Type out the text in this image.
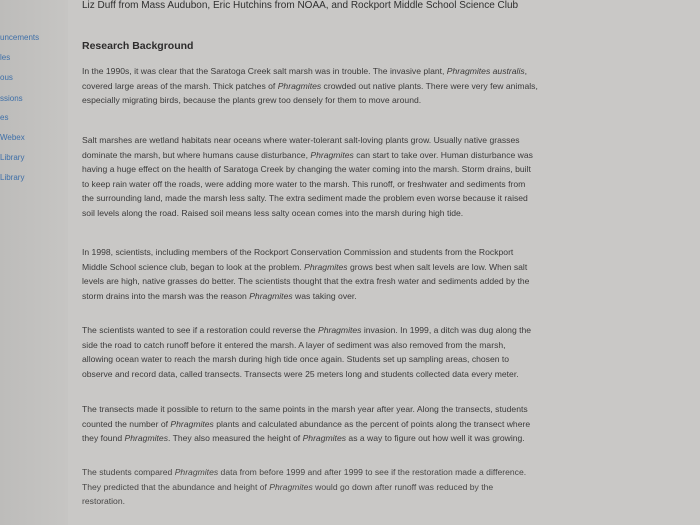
uncements
les
ous
ssions
es
Webex
Library
Library
Liz Duff from Mass Audubon, Eric Hutchins from NOAA, and Rockport Middle School Science Club
Research Background
In the 1990s, it was clear that the Saratoga Creek salt marsh was in trouble. The invasive plant, Phragmites australis, covered large areas of the marsh. Thick patches of Phragmites crowded out native plants. There were very few animals, especially migrating birds, because the plants grew too densely for them to move around.
Salt marshes are wetland habitats near oceans where water-tolerant salt-loving plants grow. Usually native grasses dominate the marsh, but where humans cause disturbance, Phragmites can start to take over. Human disturbance was having a huge effect on the health of Saratoga Creek by changing the water coming into the marsh. Storm drains, built to keep rain water off the roads, were adding more water to the marsh. This runoff, or freshwater and sediments from the surrounding land, made the marsh less salty. The extra sediment made the problem even worse because it raised soil levels along the road. Raised soil means less salty ocean comes into the marsh during high tide.
In 1998, scientists, including members of the Rockport Conservation Commission and students from the Rockport Middle School science club, began to look at the problem. Phragmites grows best when salt levels are low. When salt levels are high, native grasses do better. The scientists thought that the extra fresh water and sediments added by the storm drains into the marsh was the reason Phragmites was taking over.
The scientists wanted to see if a restoration could reverse the Phragmites invasion. In 1999, a ditch was dug along the side the road to catch runoff before it entered the marsh. A layer of sediment was also removed from the marsh, allowing ocean water to reach the marsh during high tide once again. Students set up sampling areas, chosen to observe and record data, called transects. Transects were 25 meters long and students collected data every meter.
The transects made it possible to return to the same points in the marsh year after year. Along the transects, students counted the number of Phragmites plants and calculated abundance as the percent of points along the transect where they found Phragmites. They also measured the height of Phragmites as a way to figure out how well it was growing.
The students compared Phragmites data from before 1999 and after 1999 to see if the restoration made a difference. They predicted that the abundance and height of Phragmites would go down after runoff was reduced by the restoration.
